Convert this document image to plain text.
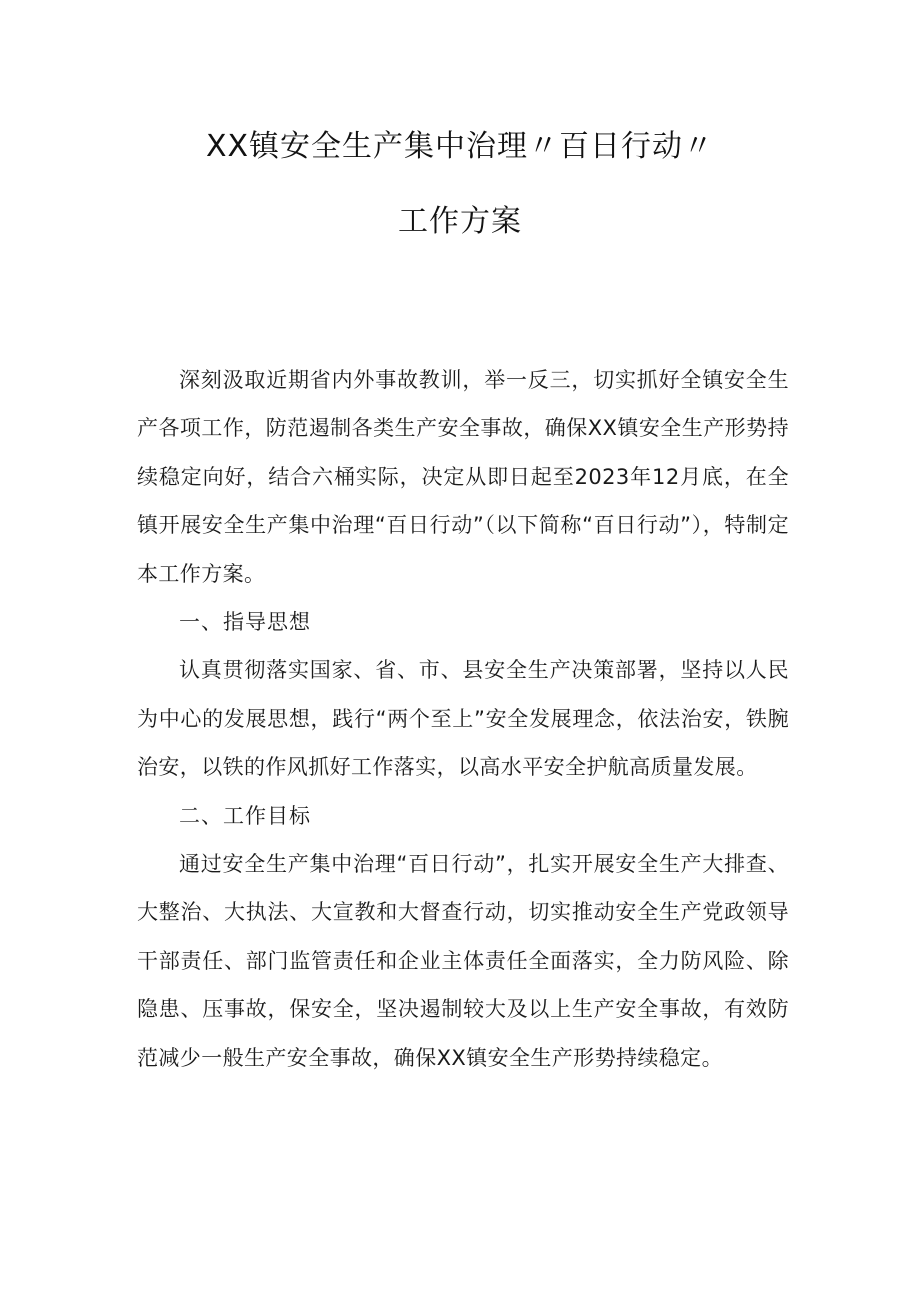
XX镇安全生产集中治理〃百日行动〃
工作方案

深刻汲取近期省内外事故教训，举一反三，切实抓好全镇安全生产各项工作，防范遏制各类生产安全事故，确保XX镇安全生产形势持续稳定向好，结合六桶实际，决定从即日起至2023年12月底，在全镇开展安全生产集中治理“百日行动”（以下简称“百日行动”），特制定本工作方案。

一、指导思想

认真贯彻落实国家、省、市、县安全生产决策部署，坚持以人民为中心的发展思想，践行“两个至上”安全发展理念，依法治安，铁腕治安，以铁的作风抓好工作落实，以高水平安全护航高质量发展。

二、工作目标

通过安全生产集中治理“百日行动”，扎实开展安全生产大排查、大整治、大执法、大宣教和大督查行动，切实推动安全生产党政领导干部责任、部门监管责任和企业主体责任全面落实，全力防风险、除隐患、压事故，保安全，坚决遏制较大及以上生产安全事故，有效防范减少一般生产安全事故，确保XX镇安全生产形势持续稳定。
